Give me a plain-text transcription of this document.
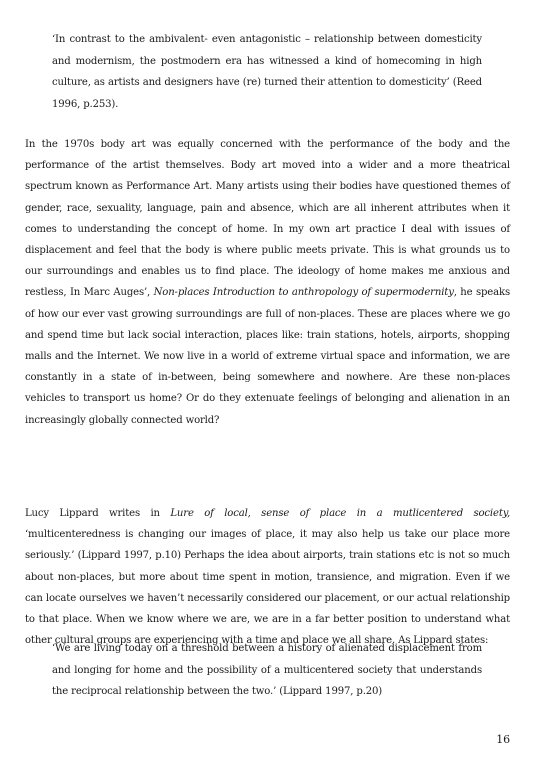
‘In contrast to the ambivalent- even antagonistic – relationship between domesticity and modernism, the postmodern era has witnessed a kind of homecoming in high culture, as artists and designers have (re) turned their attention to domesticity’ (Reed 1996, p.253).

In the 1970s body art was equally concerned with the performance of the body and the performance of the artist themselves. Body art moved into a wider and a more theatrical spectrum known as Performance Art. Many artists using their bodies have questioned themes of gender, race, sexuality, language, pain and absence, which are all inherent attributes when it comes to understanding the concept of home. In my own art practice I deal with issues of displacement and feel that the body is where public meets private. This is what grounds us to our surroundings and enables us to find place. The ideology of home makes me anxious and restless, In Marc Auges’, Non-places Introduction to anthropology of supermodernity, he speaks of how our ever vast growing surroundings are full of non-places. These are places where we go and spend time but lack social interaction, places like: train stations, hotels, airports, shopping malls and the Internet. We now live in a world of extreme virtual space and information, we are constantly in a state of in-between, being somewhere and nowhere. Are these non-places vehicles to transport us home? Or do they extenuate feelings of belonging and alienation in an increasingly globally connected world?

Lucy Lippard writes in Lure of local, sense of place in a mutlicentered society, ‘multicenteredness is changing our images of place, it may also help us take our place more seriously.’ (Lippard 1997, p.10) Perhaps the idea about airports, train stations etc is not so much about non-places, but more about time spent in motion, transience, and migration. Even if we can locate ourselves we haven’t necessarily considered our placement, or our actual relationship to that place. When we know where we are, we are in a far better position to understand what other cultural groups are experiencing with a time and place we all share. As Lippard states:

‘We are living today on a threshold between a history of alienated displacement from and longing for home and the possibility of a multicentered society that understands the reciprocal relationship between the two.’ (Lippard 1997, p.20)

16
